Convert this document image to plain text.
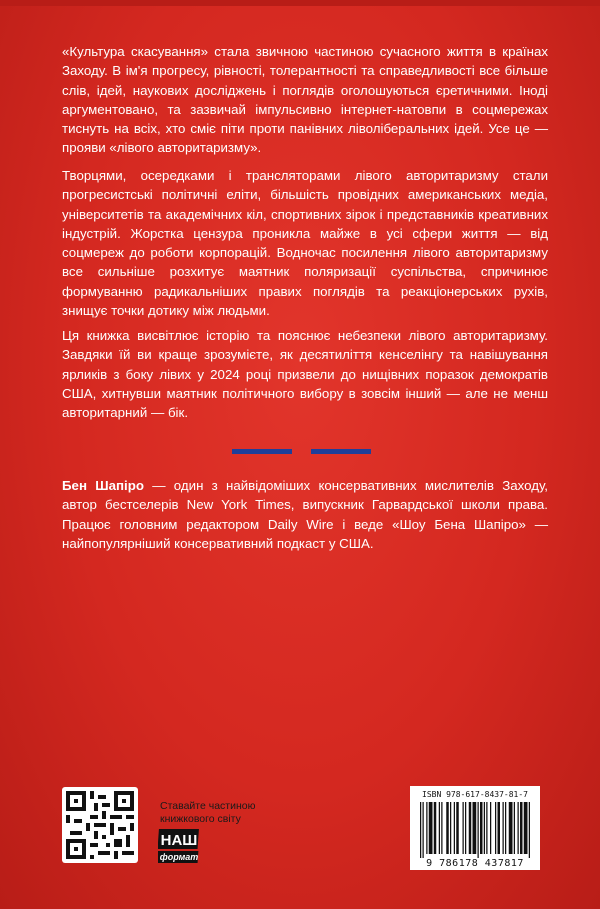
«Культура скасування» стала звичною частиною сучасного життя в країнах Заходу. В ім'я прогресу, рівності, толерантності та справедливості все більше слів, ідей, наукових досліджень і поглядів оголошуються єретичними. Іноді аргументовано, та зазвичай імпульсивно інтернет-натовпи в соцмережах тиснуть на всіх, хто сміє піти проти панівних ліволіберальних ідей. Усе це — прояви «лівого авторитаризму».

Творцями, осередками і трансляторами лівого авторитаризму стали прогресистські політичні еліти, більшість провідних американських медіа, університетів та академічних кіл, спортивних зірок і представників креативних індустрій. Жорстка цензура проникла майже в усі сфери життя — від соцмереж до роботи корпорацій. Водночас посилення лівого авторитаризму все сильніше розхитує маятник поляризації суспільства, спричинює формуванню радикальніших правих поглядів та реакціонерських рухів, знищує точки дотику між людьми.

Ця книжка висвітлює історію та пояснює небезпеки лівого авторитаризму. Завдяки їй ви краще зрозумієте, як десятиліття кенселінгу та навішування ярликів з боку лівих у 2024 році призвели до нищівних поразок демократів США, хитнувши маятник політичного вибору в зовсім інший — але не менш авторитарний — бік.

Бен Шапіро — один з найвідоміших консервативних мислителів Заходу, автор бестселерів New York Times, випускник Гарвардської школи права. Працює головним редактором Daily Wire і веде «Шоу Бена Шапіро» — найпопулярніший консервативний подкаст у США.

Ставайте частиною книжкового світу
НАШ
формат
ISBN 978-617-8437-81-7
9 786178 437817
